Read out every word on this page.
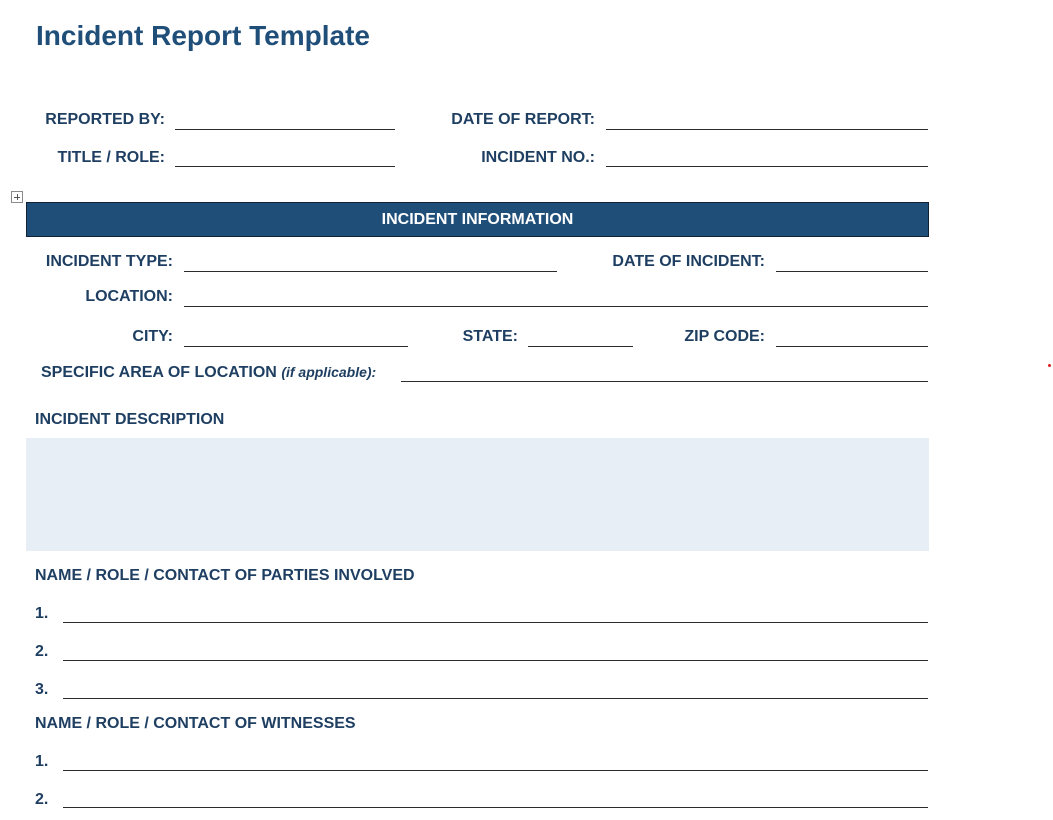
Incident Report Template
REPORTED BY:	DATE OF REPORT:
TITLE / ROLE:	INCIDENT NO.:
INCIDENT INFORMATION
INCIDENT TYPE:	DATE OF INCIDENT:
LOCATION:
CITY:	STATE:	ZIP CODE:
SPECIFIC AREA OF LOCATION (if applicable):
INCIDENT DESCRIPTION
NAME / ROLE / CONTACT OF PARTIES INVOLVED
1.
2.
3.
NAME / ROLE / CONTACT OF WITNESSES
1.
2.
